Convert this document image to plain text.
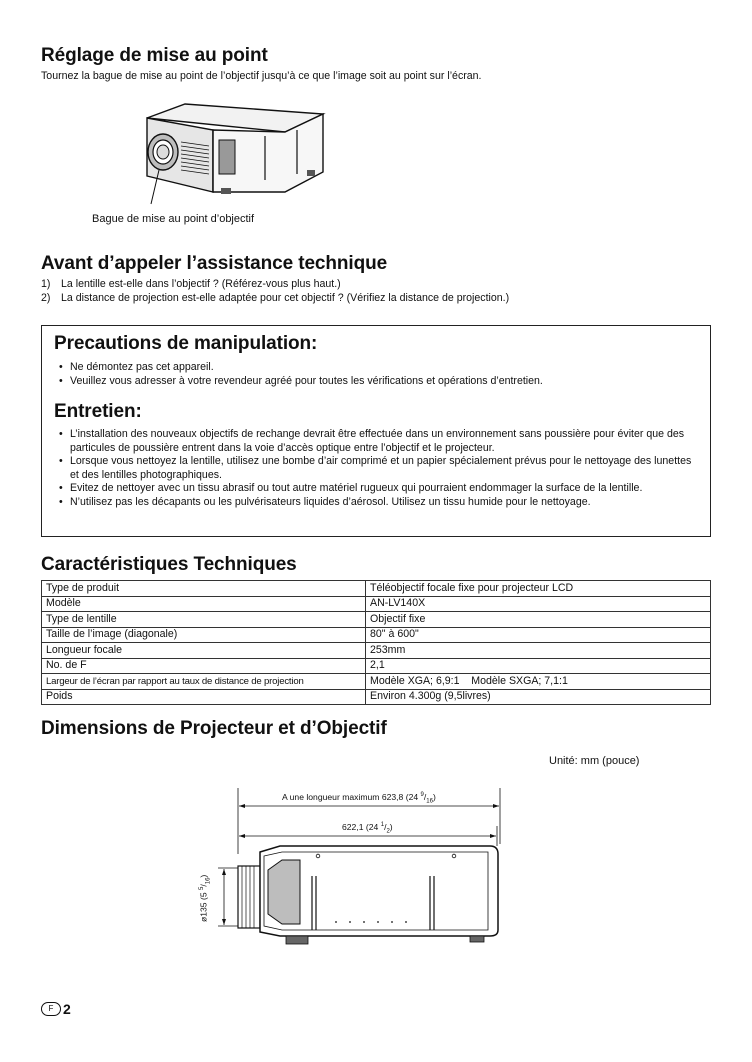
Réglage de mise au point
Tournez la bague de mise au point de l’objectif jusqu’à ce que l’image soit au point sur l’écran.
Bague de mise au point d’objectif
Avant d’appeler l’assistance technique
1) La lentille est-elle dans l’objectif ? (Référez-vous plus haut.)
2) La distance de projection est-elle adaptée pour cet objectif ? (Vérifiez la distance de projection.)
Precautions de manipulation:
• Ne démontez pas cet appareil.
• Veuillez vous adresser à votre revendeur agréé pour toutes les vérifications et opérations d’entretien.
Entretien:
• L’installation des nouveaux objectifs de rechange devrait être effectuée dans un environnement sans poussière pour éviter que des particules de poussière entrent dans la voie d’accès optique entre l’objectif et le projecteur.
• Lorsque vous nettoyez la lentille, utilisez une bombe d’air comprimé et un papier spécialement prévus pour le nettoyage des lunettes et des lentilles photographiques.
• Evitez de nettoyer avec un tissu abrasif ou tout autre matériel rugueux qui pourraient endommager la surface de la lentille.
• N’utilisez pas les décapants ou les pulvérisateurs liquides d’aérosol. Utilisez un tissu humide pour le nettoyage.
Caractéristiques Techniques
Type de produit	Téléobjectif focale fixe pour projecteur LCD
Modèle	AN-LV140X
Type de lentille	Objectif fixe
Taille de l’image (diagonale)	80" à 600"
Longueur focale	253mm
No. de F	2,1
Largeur de l’écran par rapport au taux de distance de projection	Modèle XGA; 6,9:1    Modèle SXGA; 7,1:1
Poids	Environ 4.300g (9,5livres)
Dimensions de Projecteur et d’Objectif
Unité: mm (pouce)
A une longueur maximum 623,8 (24 $^9/_{16}$)
622,1 (24 $^1/_2$)
ø135 (5 $^5/_{16}$)
F 2
